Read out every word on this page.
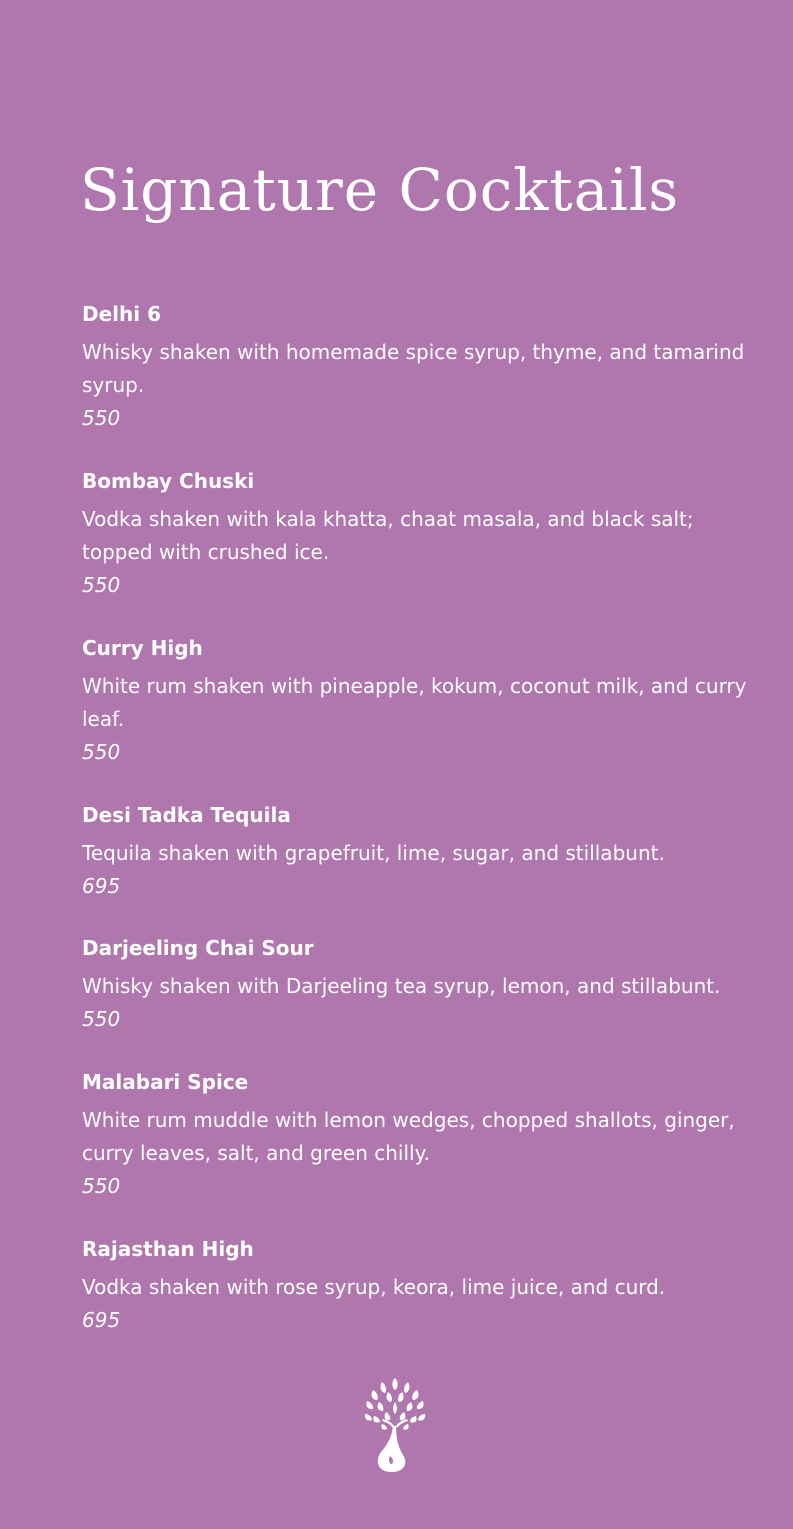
Signature Cocktails
Delhi 6
Whisky shaken with homemade spice syrup, thyme, and tamarind syrup.
550
Bombay Chuski
Vodka shaken with kala khatta, chaat masala, and black salt; topped with crushed ice.
550
Curry High
White rum shaken with pineapple, kokum, coconut milk, and curry leaf.
550
Desi Tadka Tequila
Tequila shaken with grapefruit, lime, sugar, and stillabunt.
695
Darjeeling Chai Sour
Whisky shaken with Darjeeling tea syrup, lemon, and stillabunt.
550
Malabari Spice
White rum muddle with lemon wedges, chopped shallots, ginger, curry leaves, salt, and green chilly.
550
Rajasthan High
Vodka shaken with rose syrup, keora, lime juice, and curd.
695
